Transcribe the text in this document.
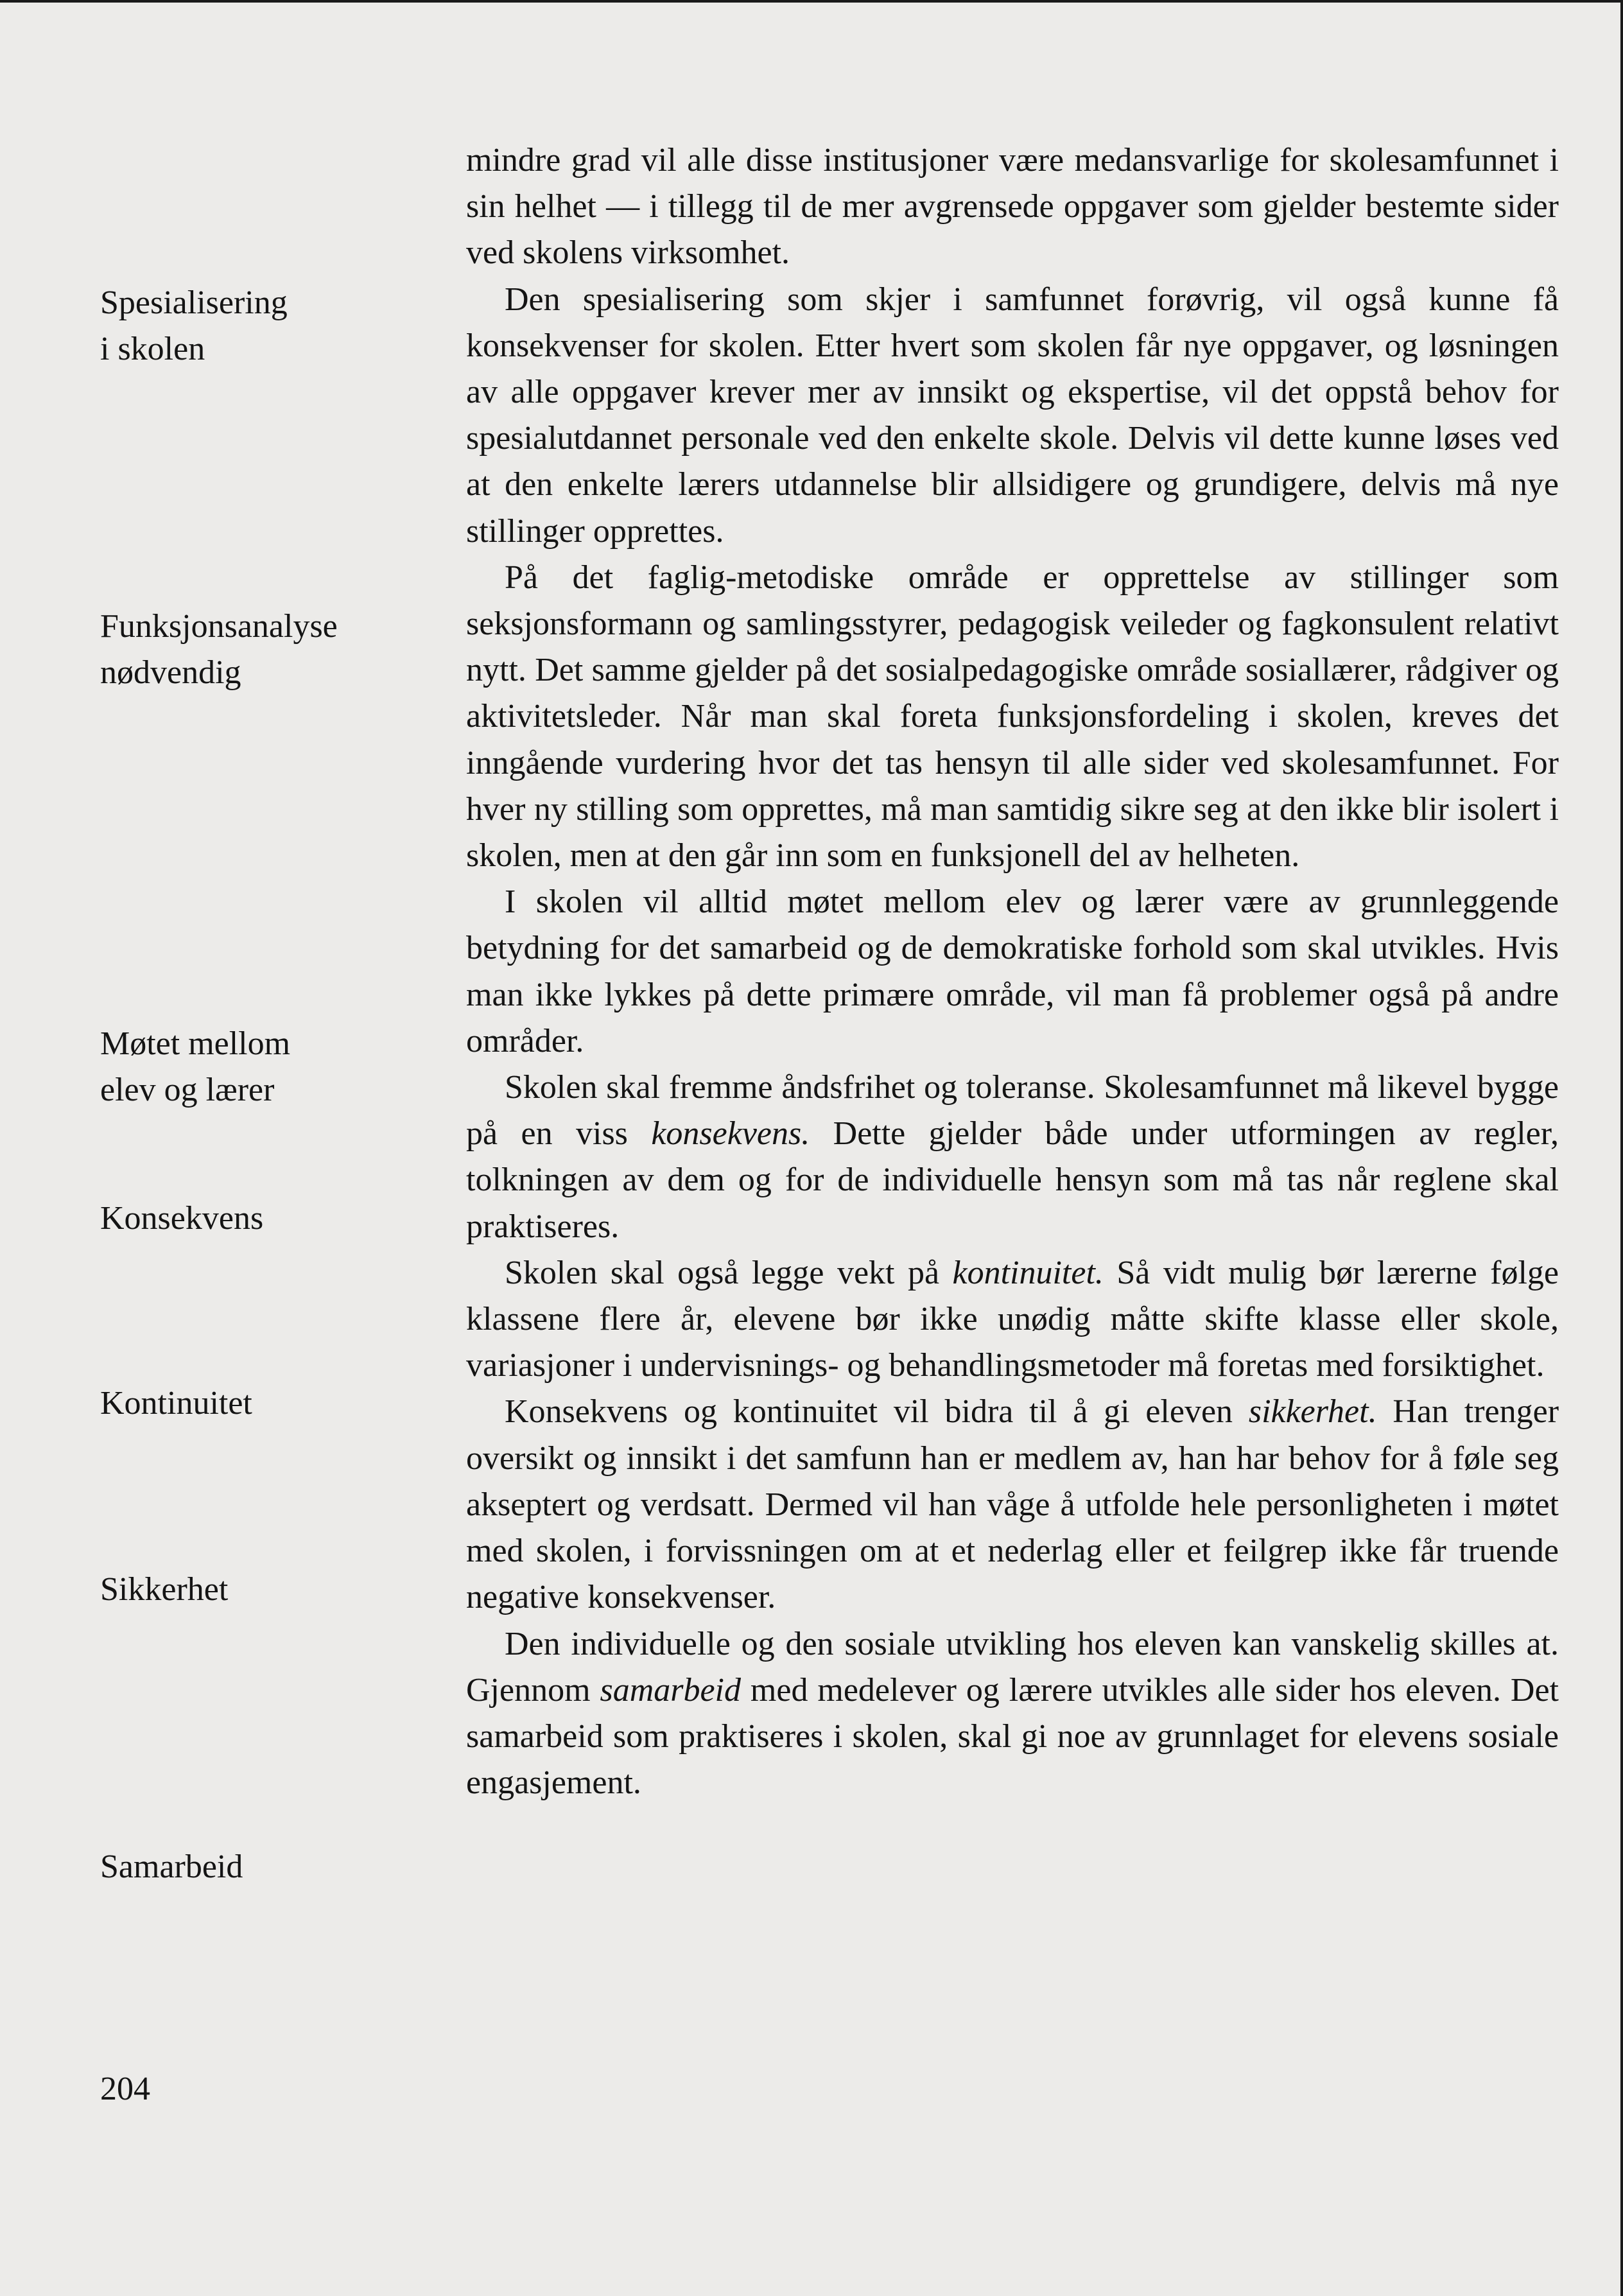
Spesialisering
i skolen
Funksjonsanalyse
nødvendig
Møtet mellom
elev og lærer
Konsekvens
Kontinuitet
Sikkerhet
Samarbeid

mindre grad vil alle disse institusjoner være medansvarlige for skolesamfunnet i sin helhet — i tillegg til de mer avgrensede oppgaver som gjelder bestemte sider ved skolens virksomhet.

Den spesialisering som skjer i samfunnet forøvrig, vil også kunne få konsekvenser for skolen. Etter hvert som skolen får nye oppgaver, og løsningen av alle oppgaver krever mer av innsikt og ekspertise, vil det oppstå behov for spesialutdannet personale ved den enkelte skole. Delvis vil dette kunne løses ved at den enkelte lærers utdannelse blir allsidigere og grundigere, delvis må nye stillinger opprettes.

På det faglig-metodiske område er opprettelse av stillinger som seksjonsformann og samlingsstyrer, pedagogisk veileder og fagkonsulent relativt nytt. Det samme gjelder på det sosialpedagogiske område sosiallærer, rådgiver og aktivitetsleder. Når man skal foreta funksjonsfordeling i skolen, kreves det inngående vurdering hvor det tas hensyn til alle sider ved skolesamfunnet. For hver ny stilling som opprettes, må man samtidig sikre seg at den ikke blir isolert i skolen, men at den går inn som en funksjonell del av helheten.

I skolen vil alltid møtet mellom elev og lærer være av grunnleggende betydning for det samarbeid og de demokratiske forhold som skal utvikles. Hvis man ikke lykkes på dette primære område, vil man få problemer også på andre områder.

Skolen skal fremme åndsfrihet og toleranse. Skolesamfunnet må likevel bygge på en viss konsekvens. Dette gjelder både under utformingen av regler, tolkningen av dem og for de individuelle hensyn som må tas når reglene skal praktiseres.

Skolen skal også legge vekt på kontinuitet. Så vidt mulig bør lærerne følge klassene flere år, elevene bør ikke unødig måtte skifte klasse eller skole, variasjoner i undervisnings- og behandlingsmetoder må foretas med forsiktighet.

Konsekvens og kontinuitet vil bidra til å gi eleven sikkerhet. Han trenger oversikt og innsikt i det samfunn han er medlem av, han har behov for å føle seg akseptert og verdsatt. Dermed vil han våge å utfolde hele personligheten i møtet med skolen, i forvissningen om at et nederlag eller et feilgrep ikke får truende negative konsekvenser.

Den individuelle og den sosiale utvikling hos eleven kan vanskelig skilles at. Gjennom samarbeid med medelever og lærere utvikles alle sider hos eleven. Det samarbeid som praktiseres i skolen, skal gi noe av grunnlaget for elevens sosiale engasjement.

204
